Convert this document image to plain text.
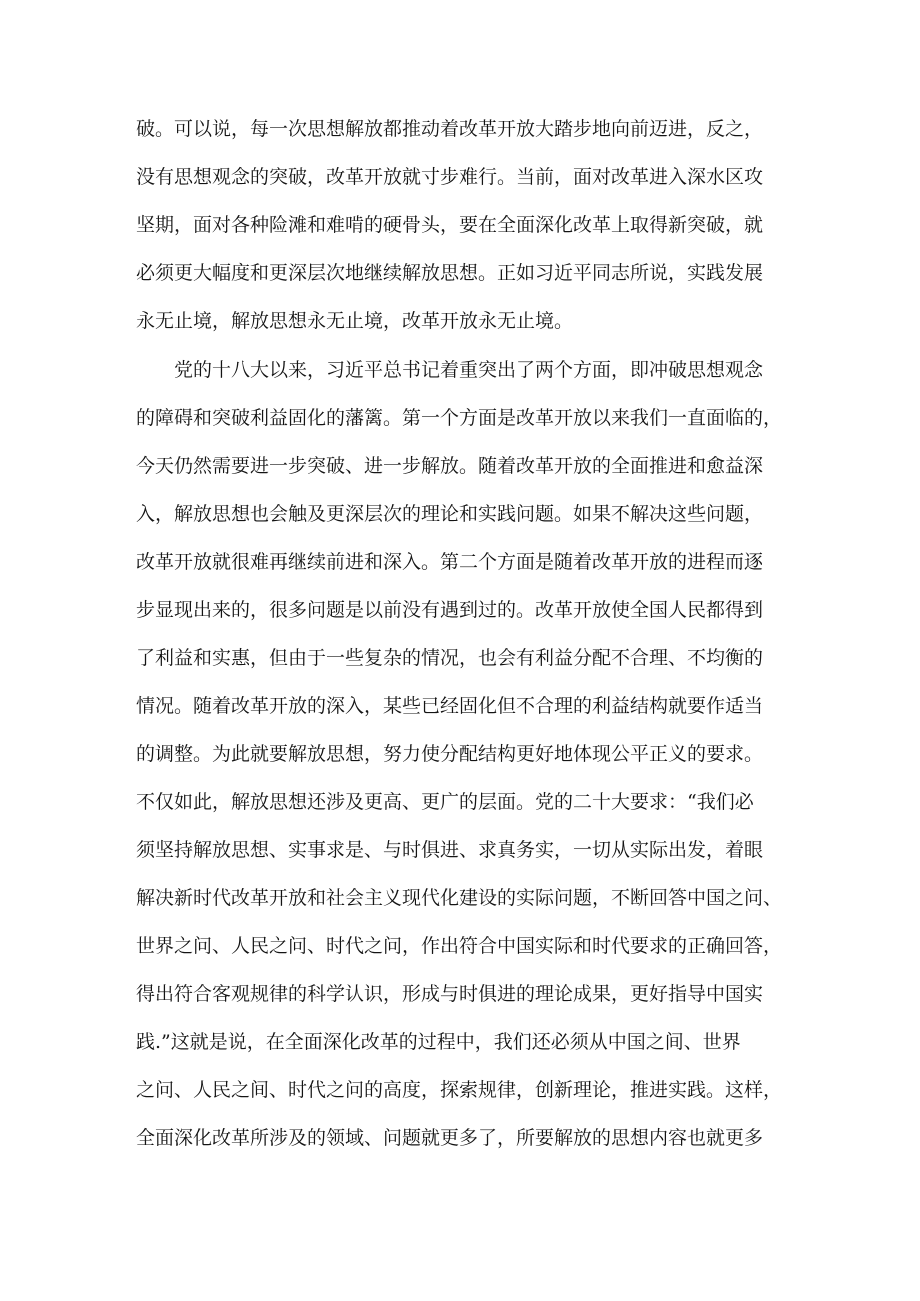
破。可以说，每一次思想解放都推动着改革开放大踏步地向前迈进，反之，
没有思想观念的突破，改革开放就寸步难行。当前，面对改革进入深水区攻
坚期，面对各种险滩和难啃的硬骨头，要在全面深化改革上取得新突破，就
必须更大幅度和更深层次地继续解放思想。正如习近平同志所说，实践发展
永无止境，解放思想永无止境，改革开放永无止境。
　　党的十八大以来，习近平总书记着重突出了两个方面，即冲破思想观念
的障碍和突破利益固化的藩篱。第一个方面是改革开放以来我们一直面临的，
今天仍然需要进一步突破、进一步解放。随着改革开放的全面推进和愈益深
入，解放思想也会触及更深层次的理论和实践问题。如果不解决这些问题，
改革开放就很难再继续前进和深入。第二个方面是随着改革开放的进程而逐
步显现出来的，很多问题是以前没有遇到过的。改革开放使全国人民都得到
了利益和实惠，但由于一些复杂的情况，也会有利益分配不合理、不均衡的
情况。随着改革开放的深入，某些已经固化但不合理的利益结构就要作适当
的调整。为此就要解放思想，努力使分配结构更好地体现公平正义的要求。
不仅如此，解放思想还涉及更高、更广的层面。党的二十大要求：“我们必
须坚持解放思想、实事求是、与时俱进、求真务实，一切从实际出发，着眼
解决新时代改革开放和社会主义现代化建设的实际问题，不断回答中国之问、
世界之问、人民之问、时代之问，作出符合中国实际和时代要求的正确回答，
得出符合客观规律的科学认识，形成与时俱进的理论成果，更好指导中国实
践.”这就是说，在全面深化改革的过程中，我们还必须从中国之间、世界
之问、人民之间、时代之问的高度，探索规律，创新理论，推进实践。这样，
全面深化改革所涉及的领域、问题就更多了，所要解放的思想内容也就更多
